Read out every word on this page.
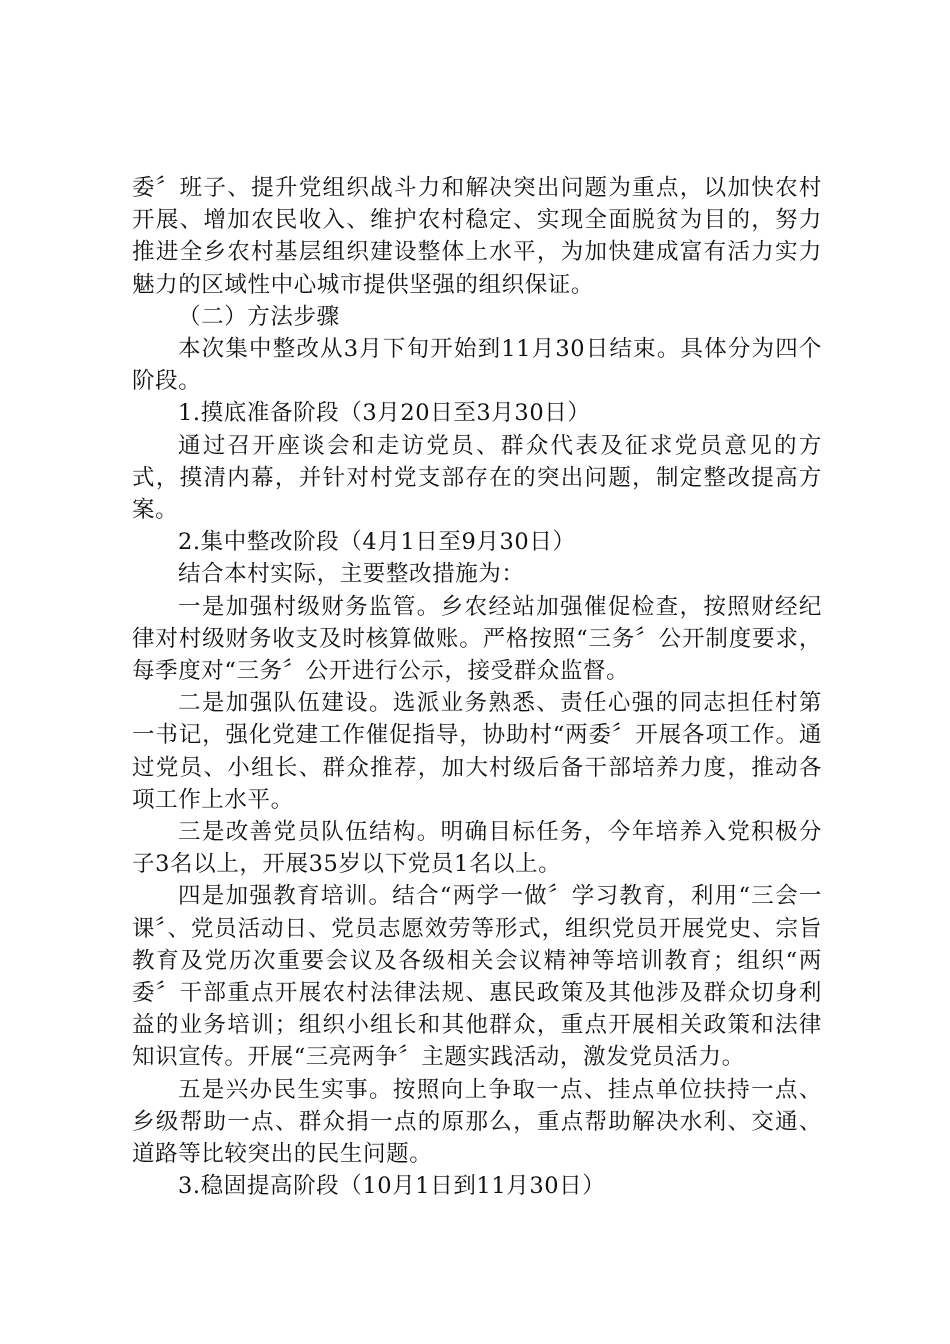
委〞班子、提升党组织战斗力和解决突出问题为重点，以加快农村开展、增加农民收入、维护农村稳定、实现全面脱贫为目的，努力推进全乡农村基层组织建设整体上水平，为加快建成富有活力实力魅力的区域性中心城市提供坚强的组织保证。

（二）方法步骤

本次集中整改从3月下旬开始到11月30日结束。具体分为四个阶段。

1.摸底准备阶段（3月20日至3月30日）

通过召开座谈会和走访党员、群众代表及征求党员意见的方式，摸清内幕，并针对村党支部存在的突出问题，制定整改提高方案。

2.集中整改阶段（4月1日至9月30日）

结合本村实际，主要整改措施为：

一是加强村级财务监管。乡农经站加强催促检查，按照财经纪律对村级财务收支及时核算做账。严格按照“三务〞公开制度要求，每季度对“三务〞公开进行公示，接受群众监督。

二是加强队伍建设。选派业务熟悉、责任心强的同志担任村第一书记，强化党建工作催促指导，协助村“两委〞开展各项工作。通过党员、小组长、群众推荐，加大村级后备干部培养力度，推动各项工作上水平。

三是改善党员队伍结构。明确目标任务，今年培养入党积极分子3名以上，开展35岁以下党员1名以上。

四是加强教育培训。结合“两学一做〞学习教育，利用“三会一课〞、党员活动日、党员志愿效劳等形式，组织党员开展党史、宗旨教育及党历次重要会议及各级相关会议精神等培训教育；组织“两委〞干部重点开展农村法律法规、惠民政策及其他涉及群众切身利益的业务培训；组织小组长和其他群众，重点开展相关政策和法律知识宣传。开展“三亮两争〞主题实践活动，激发党员活力。

五是兴办民生实事。按照向上争取一点、挂点单位扶持一点、乡级帮助一点、群众捐一点的原那么，重点帮助解决水利、交通、道路等比较突出的民生问题。

3.稳固提高阶段（10月1日到11月30日）
